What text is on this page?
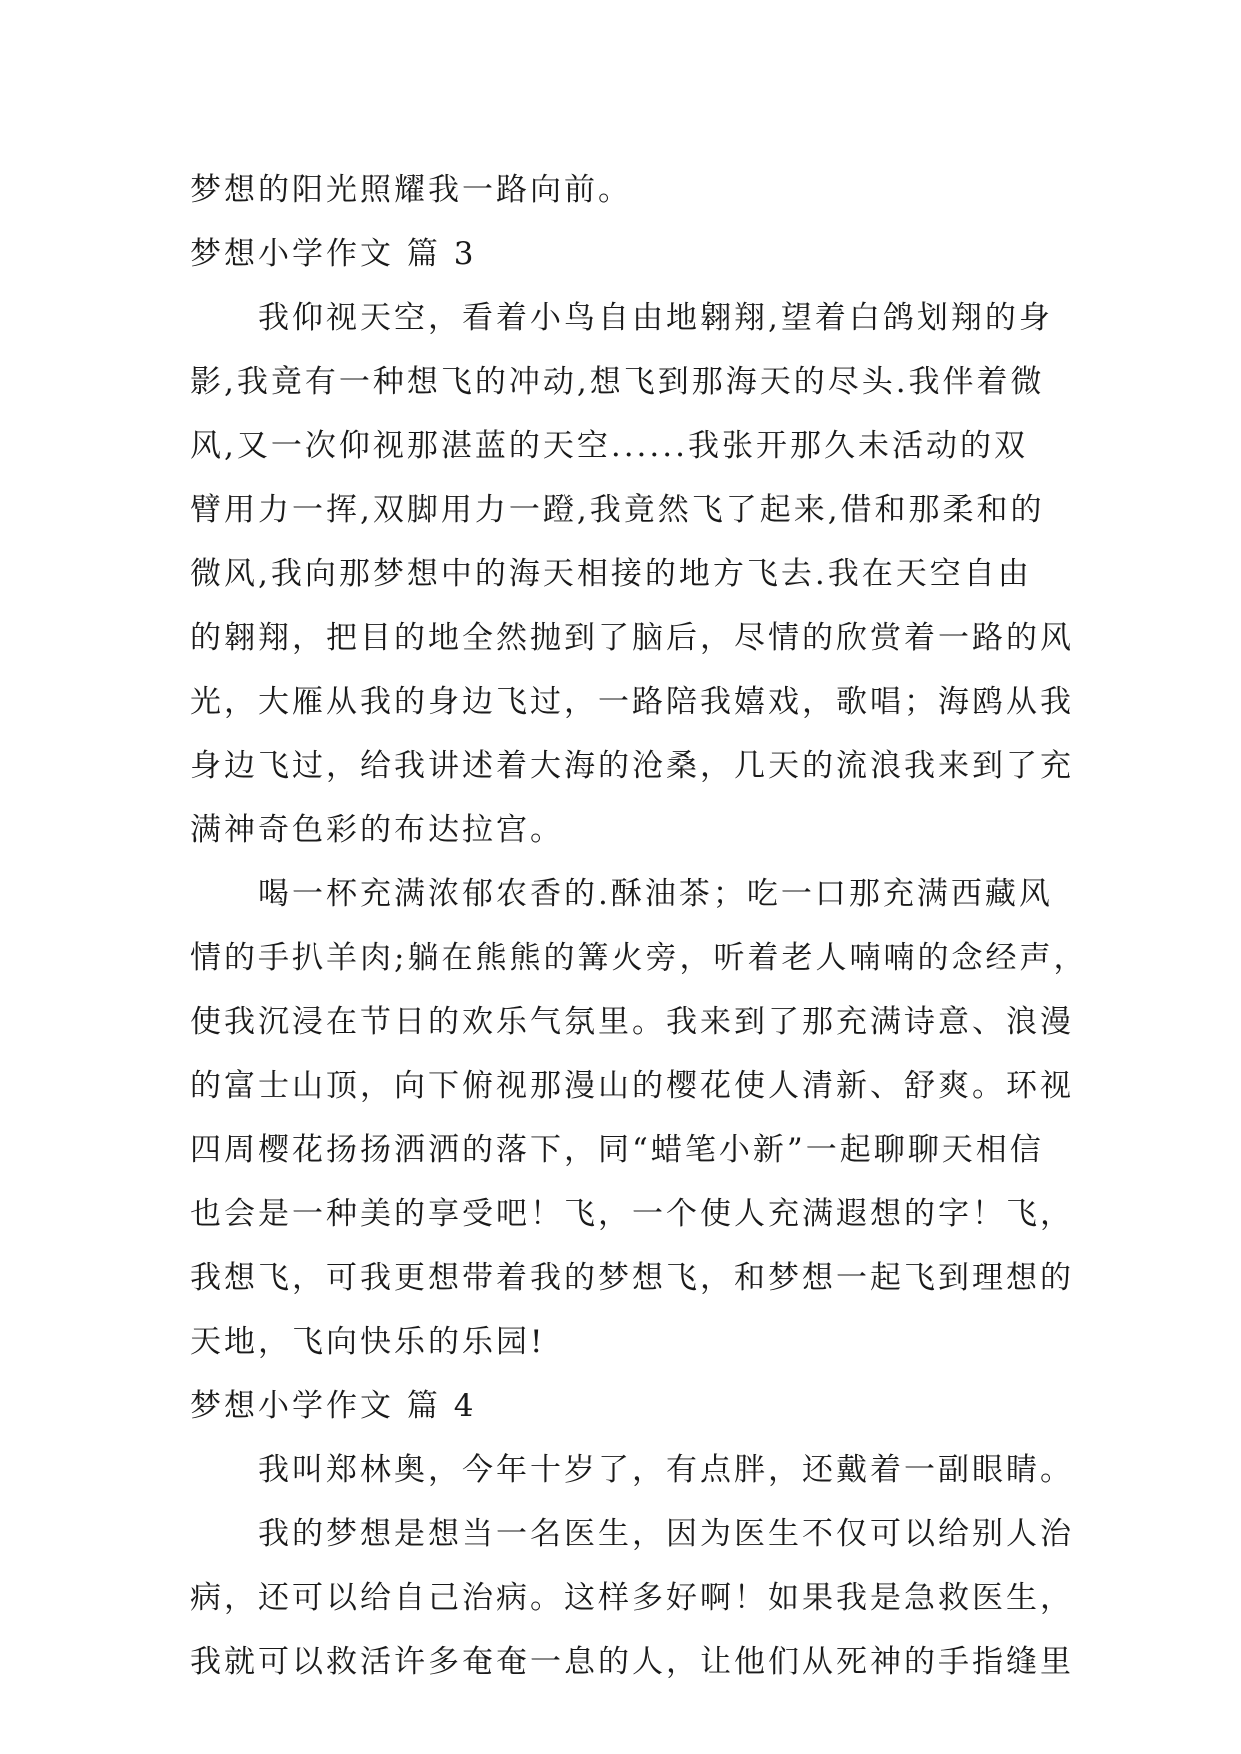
梦想的阳光照耀我一路向前。
梦想小学作文 篇 3
我仰视天空，看着小鸟自由地翱翔,望着白鸽划翔的身
影,我竟有一种想飞的冲动,想飞到那海天的尽头.我伴着微
风,又一次仰视那湛蓝的天空......我张开那久未活动的双
臂用力一挥,双脚用力一蹬,我竟然飞了起来,借和那柔和的
微风,我向那梦想中的海天相接的地方飞去.我在天空自由
的翱翔，把目的地全然抛到了脑后，尽情的欣赏着一路的风
光，大雁从我的身边飞过，一路陪我嬉戏，歌唱；海鸥从我
身边飞过，给我讲述着大海的沧桑，几天的流浪我来到了充
满神奇色彩的布达拉宫。
喝一杯充满浓郁农香的.酥油茶；吃一口那充满西藏风
情的手扒羊肉;躺在熊熊的篝火旁，听着老人喃喃的念经声，
使我沉浸在节日的欢乐气氛里。我来到了那充满诗意、浪漫
的富士山顶，向下俯视那漫山的樱花使人清新、舒爽。环视
四周樱花扬扬洒洒的落下，同“蜡笔小新”一起聊聊天相信
也会是一种美的享受吧！飞，一个使人充满遐想的字！飞，
我想飞，可我更想带着我的梦想飞，和梦想一起飞到理想的
天地，飞向快乐的乐园!
梦想小学作文 篇 4
我叫郑林奥，今年十岁了，有点胖，还戴着一副眼睛。
我的梦想是想当一名医生，因为医生不仅可以给别人治
病，还可以给自己治病。这样多好啊！如果我是急救医生，
我就可以救活许多奄奄一息的人，让他们从死神的手指缝里
